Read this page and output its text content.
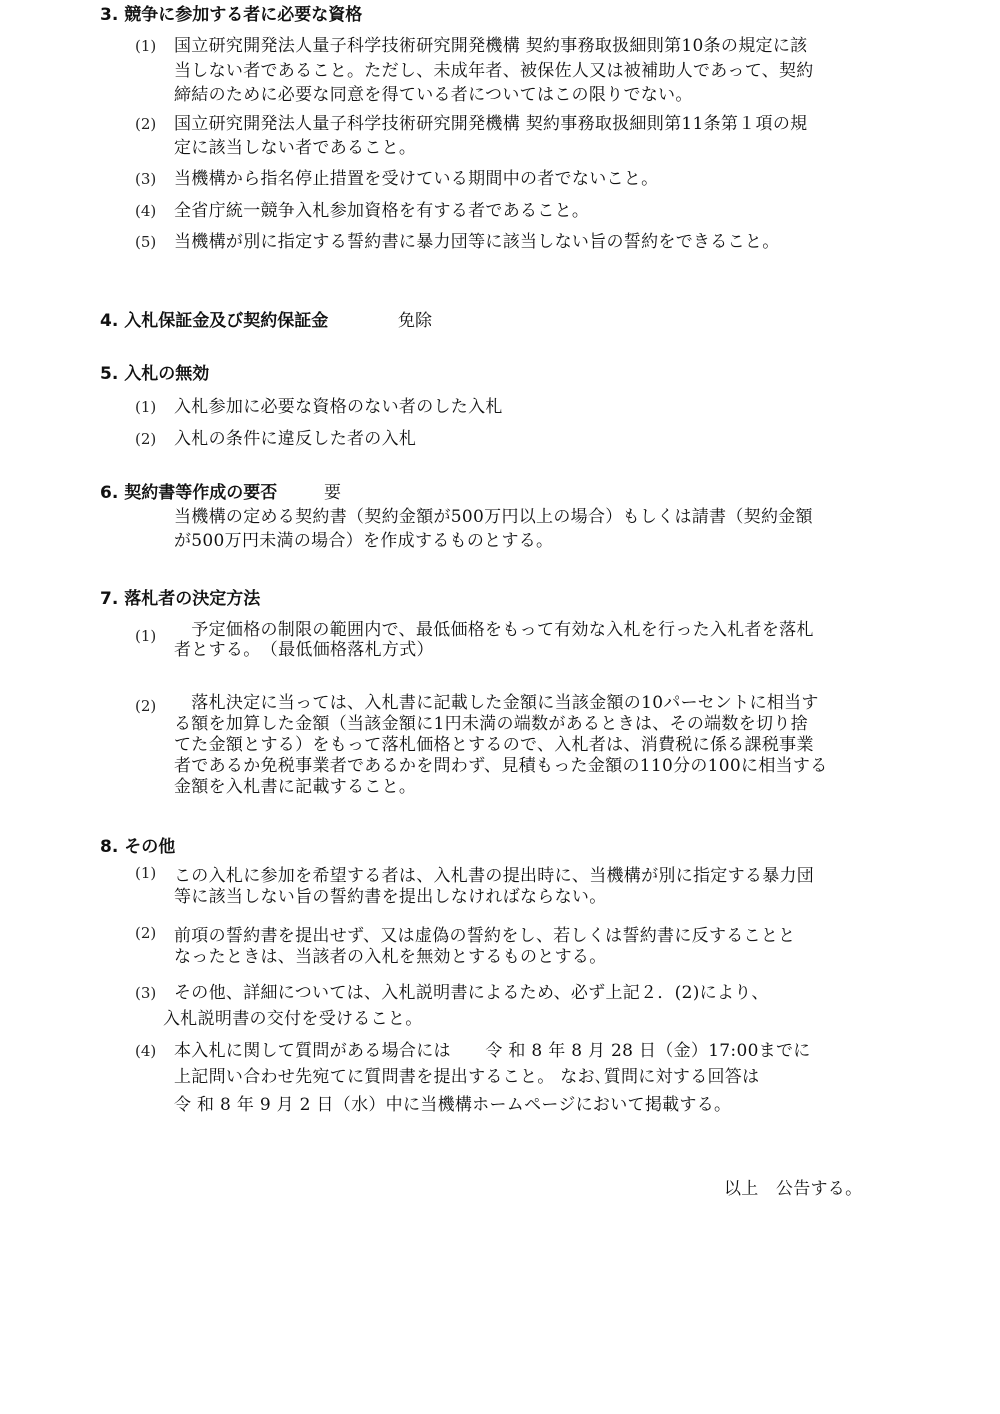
3. 競争に参加する者に必要な資格

(1) 国立研究開発法人量子科学技術研究開発機構 契約事務取扱細則第10条の規定に該

当しない者であること。ただし、未成年者、被保佐人又は被補助人であって、契約

締結のために必要な同意を得ている者についてはこの限りでない。

(2) 国立研究開発法人量子科学技術研究開発機構 契約事務取扱細則第11条第１項の規

定に該当しない者であること。

(3) 当機構から指名停止措置を受けている期間中の者でないこと。

(4) 全省庁統一競争入札参加資格を有する者であること。

(5) 当機構が別に指定する誓約書に暴力団等に該当しない旨の誓約をできること。

4. 入札保証金及び契約保証金	免除

5. 入札の無効

(1) 入札参加に必要な資格のない者のした入札

(2) 入札の条件に違反した者の入札

6. 契約書等作成の要否	要

当機構の定める契約書（契約金額が500万円以上の場合）もしくは請書（契約金額

が500万円未満の場合）を作成するものとする。

7. 落札者の決定方法

(1) 　予定価格の制限の範囲内で、最低価格をもって有効な入札を行った入札者を落札

者とする。　（最低価格落札方式）

(2) 　落札決定に当っては、入札書に記載した金額に当該金額の10パーセントに相当す

る額を加算した金額（当該金額に1円未満の端数があるときは、その端数を切り捨

てた金額とする）をもって落札価格とするので、入札者は、消費税に係る課税事業

者であるか免税事業者であるかを問わず、見積もった金額の110分の100に相当する

金額を入札書に記載すること。

8. その他

(1) この入札に参加を希望する者は、入札書の提出時に、当機構が別に指定する暴力団

等に該当しない旨の誓約書を提出しなければならない。

(2) 前項の誓約書を提出せず、又は虚偽の誓約をし、若しくは誓約書に反することと

なったときは、当該者の入札を無効とするものとする。

(3) その他、詳細については、入札説明書によるため、必ず上記２．(2)により、

入札説明書の交付を受けること。

(4) 本入札に関して質問がある場合には　　令 和 8 年 8 月 28 日（金）17:00までに

上記問い合わせ先宛てに質問書を提出すること。 なお､質問に対する回答は

令 和 8 年 9 月 2 日（水）中に当機構ホームページにおいて掲載する。

以上　公告する。
